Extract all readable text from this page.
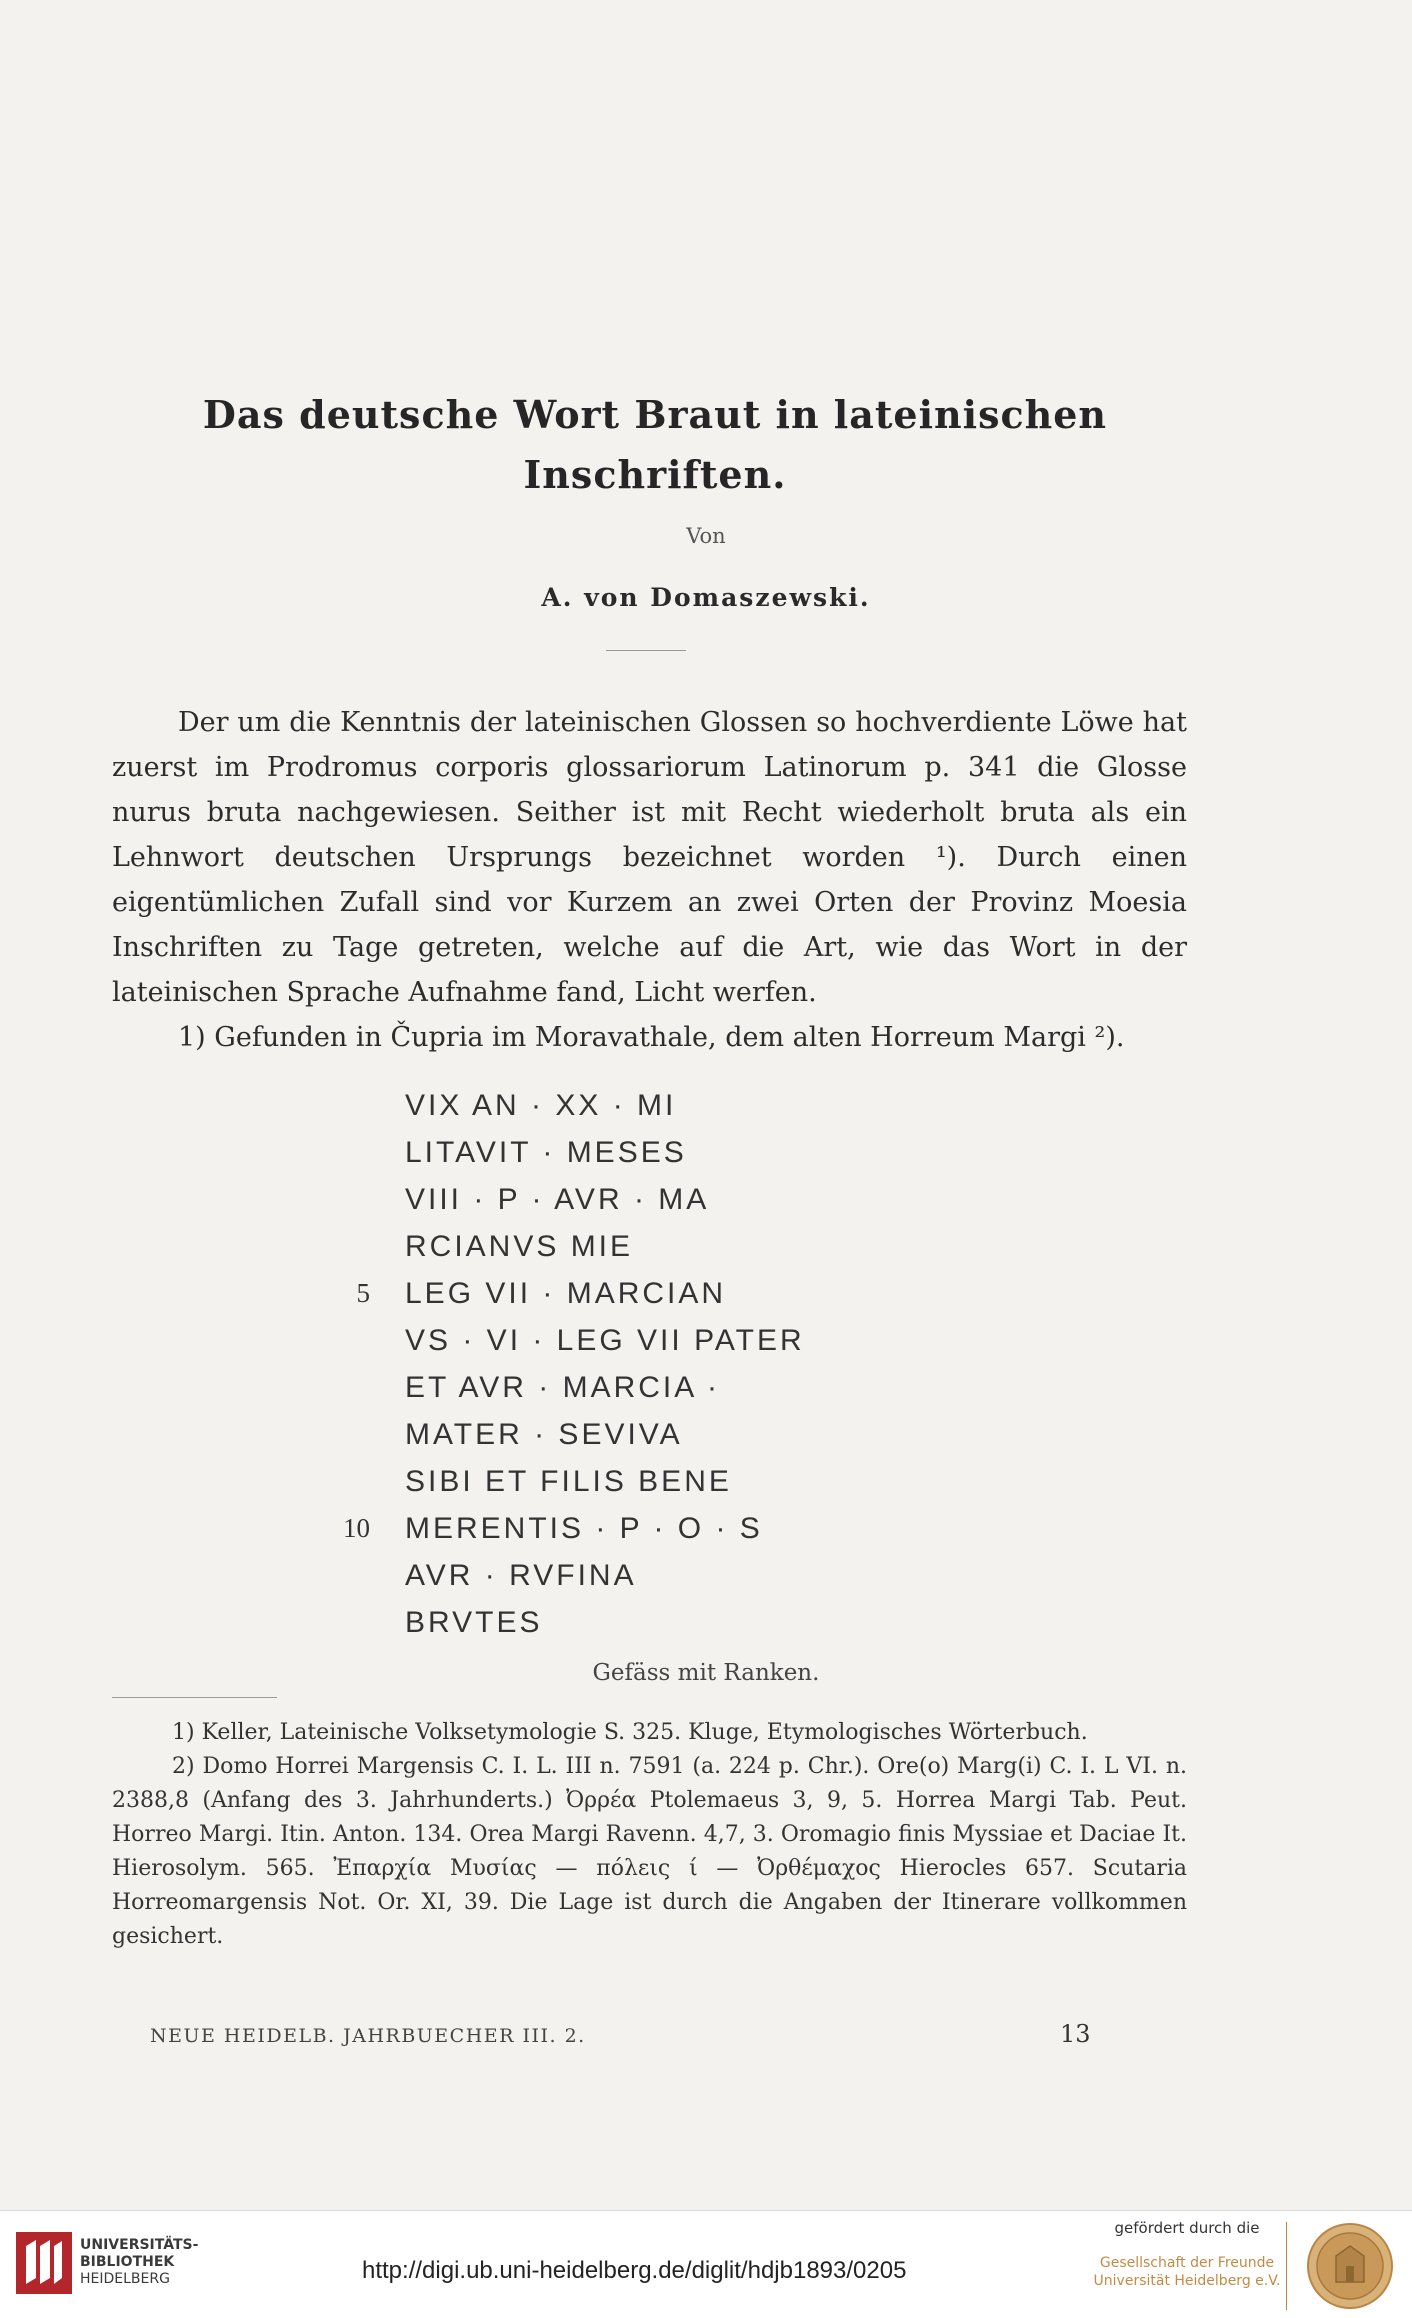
Das deutsche Wort Braut in lateinischen
Inschriften.
Von
A. von Domaszewski.

Der um die Kenntnis der lateinischen Glossen so hochverdiente Löwe hat zuerst im Prodromus corporis glossariorum Latinorum p. 341 die Glosse nurus bruta nachgewiesen. Seither ist mit Recht wiederholt bruta als ein Lehnwort deutschen Ursprungs bezeichnet worden ¹). Durch einen eigentümlichen Zufall sind vor Kurzem an zwei Orten der Provinz Moesia Inschriften zu Tage getreten, welche auf die Art, wie das Wort in der lateinischen Sprache Aufnahme fand, Licht werfen.

1) Gefunden in Čupria im Moravathale, dem alten Horreum Margi ²).

VIX AN · XX · MI
LITAVIT · MESES
VIII · P · AVR · MA
RCIANVS MIE
5 LEG VII · MARCIAN
VS · VI · LEG VII PATER
ET AVR · MARCIA ·
MATER · SEVIVA
SIBI ET FILIS BENE
10 MERENTIS · P · O · S
AVR · RVFINA
BRVTES
Gefäss mit Ranken.

1) Keller, Lateinische Volksetymologie S. 325. Kluge, Etymologisches Wörterbuch.

2) Domo Horrei Margensis C. I. L. III n. 7591 (a. 224 p. Chr.). Ore(o) Marg(i) C. I. L VI. n. 2388,8 (Anfang des 3. Jahrhunderts.) Ὀρρέα Ptolemaeus 3, 9, 5. Horrea Margi Tab. Peut. Horreo Margi. Itin. Anton. 134. Orea Margi Ravenn. 4,7, 3. Oromagio finis Myssiae et Daciae It. Hierosolym. 565. Ἐπαρχία Μυσίας — πόλεις ί — Ὀρθέμαχος Hierocles 657. Scutaria Horreomargensis Not. Or. XI, 39. Die Lage ist durch die Angaben der Itinerare vollkommen gesichert.

NEUE HEIDELB. JAHRBUECHER III. 2.	13
UNIVERSITÄTS-
BIBLIOTHEK
HEIDELBERG	http://digi.ub.uni-heidelberg.de/diglit/hdjb1893/0205
gefördert durch die
Gesellschaft der Freunde
Universität Heidelberg e.V.
